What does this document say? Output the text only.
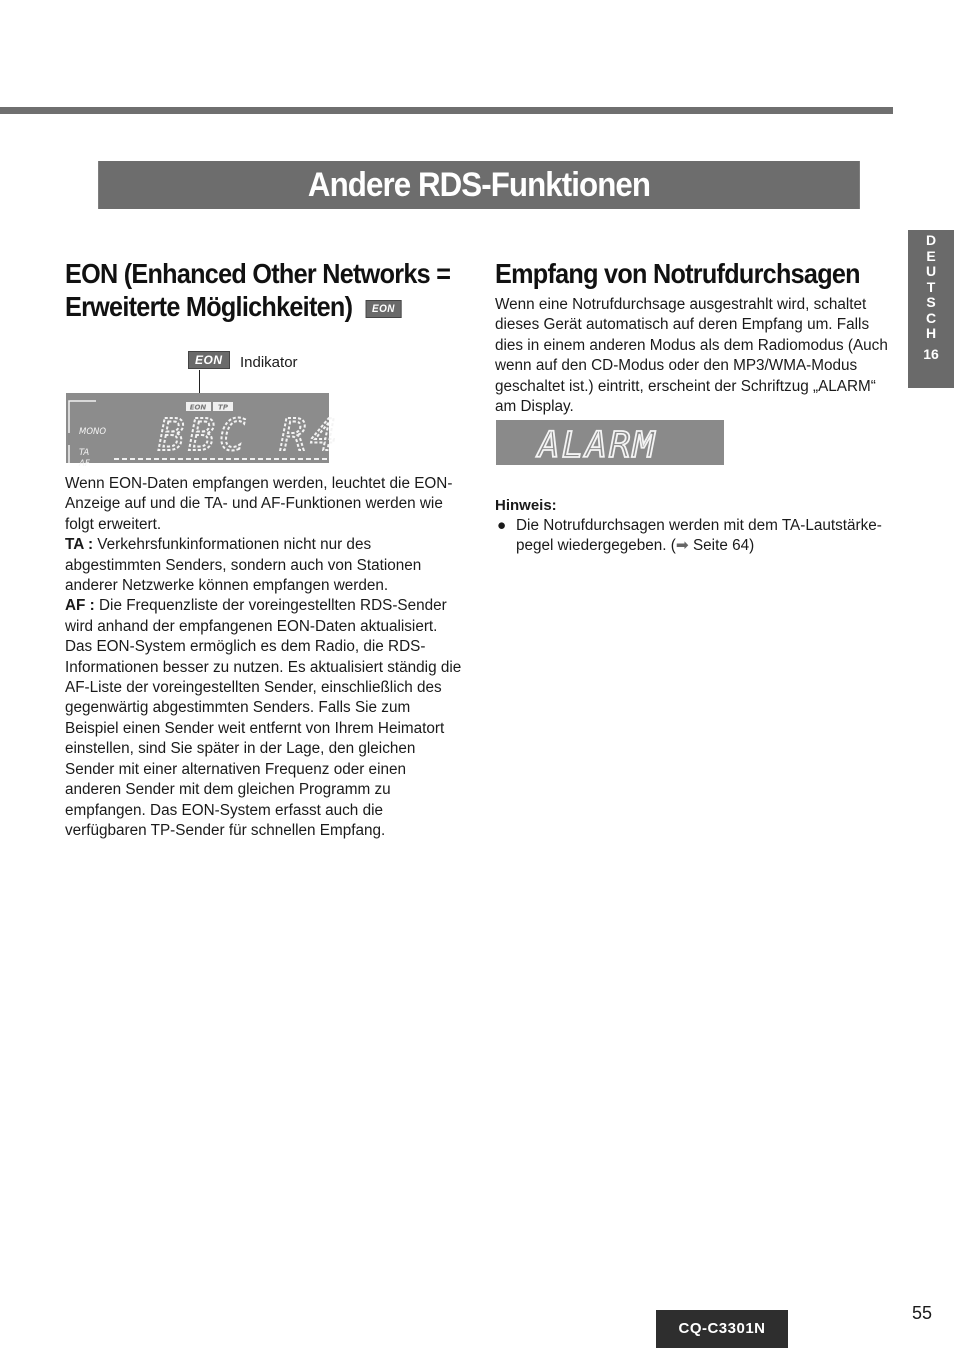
Andere RDS-Funktionen
D
E
U
T
S
C
H
16
EON (Enhanced Other Networks =
Erweiterte Möglichkeiten) EON
EON	Indikator
EON TP
MONO
TA
AF
BBC R4

Wenn EON-Daten empfangen werden, leuchtet die EON-Anzeige auf und die TA- und AF-Funktionen werden wie folgt erweitert.

TA : Verkehrsfunkinformationen nicht nur des abgestimmten Senders, sondern auch von Stationen anderer Netzwerke können empfangen werden.

AF : Die Frequenzliste der voreingestellten RDS-Sender wird anhand der empfangenen EON-Daten aktualisiert.

Das EON-System ermöglich es dem Radio, die RDS-Informationen besser zu nutzen. Es aktualisiert ständig die AF-Liste der voreingestellten Sender, einschließlich des gegenwärtig abgestimmten Senders. Falls Sie zum Beispiel einen Sender weit entfernt von Ihrem Heimatort einstellen, sind Sie später in der Lage, den gleichen Sender mit einer alternativen Frequenz oder einen anderen Sender mit dem gleichen Programm zu empfangen. Das EON-System erfasst auch die verfügbaren TP-Sender für schnellen Empfang.

Empfang von Notrufdurchsagen
Wenn eine Notrufdurchsage ausgestrahlt wird, schaltet dieses Gerät automatisch auf deren Empfang um. Falls dies in einem anderen Modus als dem Radiomodus (Auch wenn auf den CD-Modus oder den MP3/WMA-Modus geschaltet ist.) eintritt, erscheint der Schriftzug „ALARM“ am Display.
ALARM
Hinweis:
● Die Notrufdurchsagen werden mit dem TA-Lautstärke-pegel wiedergegeben. (➡ Seite 64)
55
CQ-C3301N
